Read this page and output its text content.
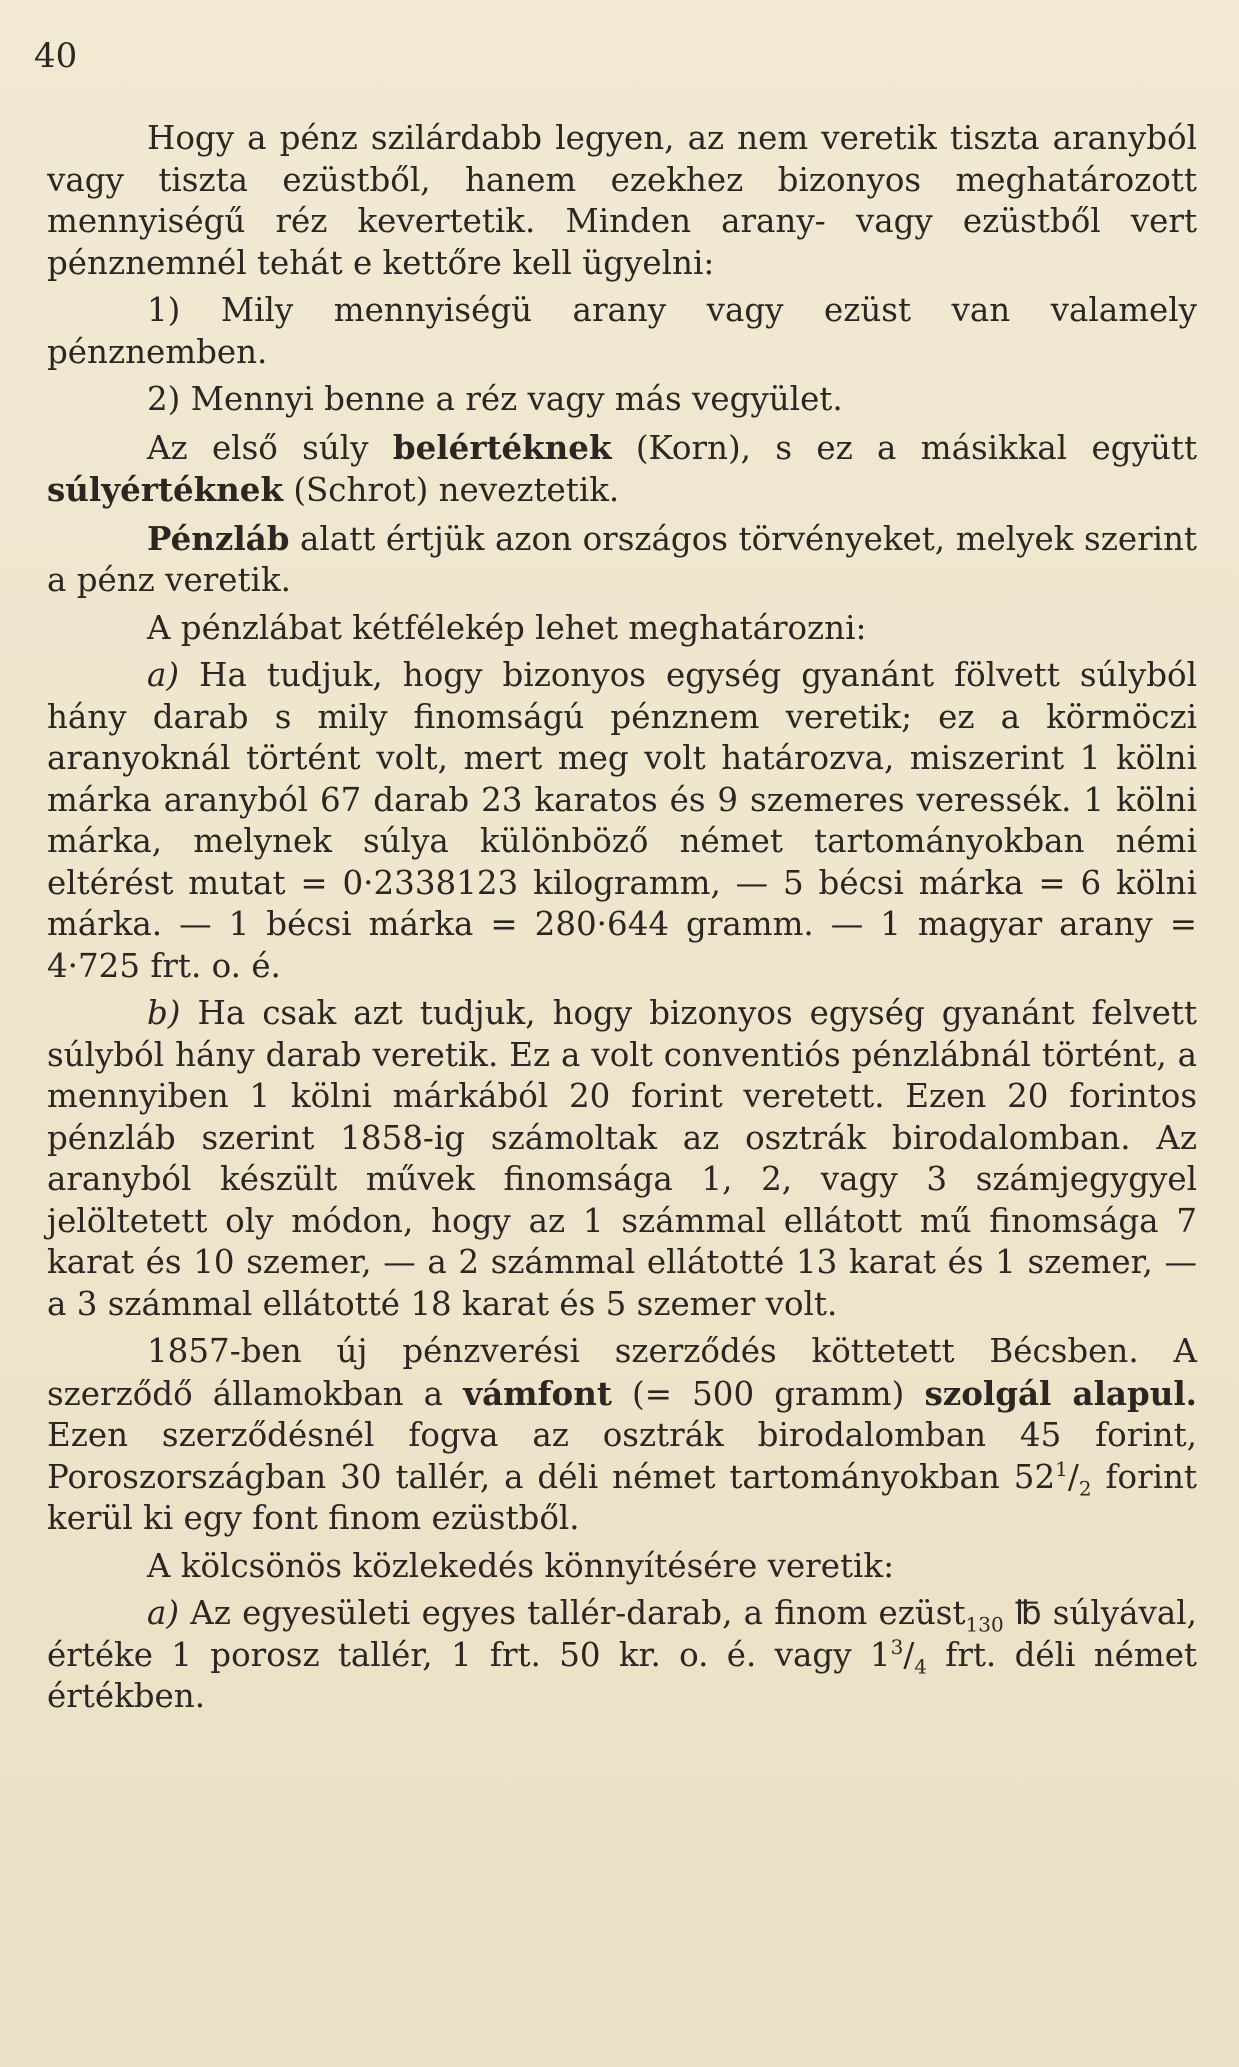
40

Hogy a pénz szilárdabb legyen, az nem veretik tiszta aranyból vagy tiszta ezüstből, hanem ezekhez bizonyos meghatározott mennyiségű réz kevertetik. Minden arany- vagy ezüstből vert pénznemnél tehát e kettőre kell ügyelni:

1) Mily mennyiségü arany vagy ezüst van valamely pénznemben.

2) Mennyi benne a réz vagy más vegyület.

Az első súly belértéknek (Korn), s ez a másikkal együtt súlyértéknek (Schrot) neveztetik.

Pénzláb alatt értjük azon országos törvényeket, melyek szerint a pénz veretik.

A pénzlábat kétfélekép lehet meghatározni:

a) Ha tudjuk, hogy bizonyos egység gyanánt fölvett súlyból hány darab s mily finomságú pénznem veretik; ez a körmöczi aranyoknál történt volt, mert meg volt határozva, miszerint 1 kölni márka aranyból 67 darab 23 karatos és 9 szemeres veressék. 1 kölni márka, melynek súlya különböző német tartományokban némi eltérést mutat = 0·2338123 kilogramm, — 5 bécsi márka = 6 kölni márka. — 1 bécsi márka = 280·644 gramm. — 1 magyar arany = 4·725 frt. o. é.

b) Ha csak azt tudjuk, hogy bizonyos egység gyanánt felvett súlyból hány darab veretik. Ez a volt conventiós pénzlábnál történt, a mennyiben 1 kölni márkából 20 forint veretett. Ezen 20 forintos pénzláb szerint 1858-ig számoltak az osztrák birodalomban. Az aranyból készült művek finomsága 1, 2, vagy 3 számjegygyel jelöltetett oly módon, hogy az 1 számmal ellátott mű finomsága 7 karat és 10 szemer, — a 2 számmal ellátotté 13 karat és 1 szemer, — a 3 számmal ellátotté 18 karat és 5 szemer volt.

1857-ben új pénzverési szerződés köttetett Bécsben. A szerződő államokban a vámfont (= 500 gramm) szolgál alapul. Ezen szerződésnél fogva az osztrák birodalomban 45 forint, Poroszországban 30 tallér, a déli német tartományokban $52^1/_2$ forint kerül ki egy font finom ezüstből.

A kölcsönös közlekedés könnyítésére veretik:

a) Az egyesületi egyes tallér-darab, a finom ezüst$_{130}$ ℔ súlyával, értéke 1 porosz tallér, 1 frt. 50 kr. o. é. vagy $1^3/_4$ frt. déli német értékben.
